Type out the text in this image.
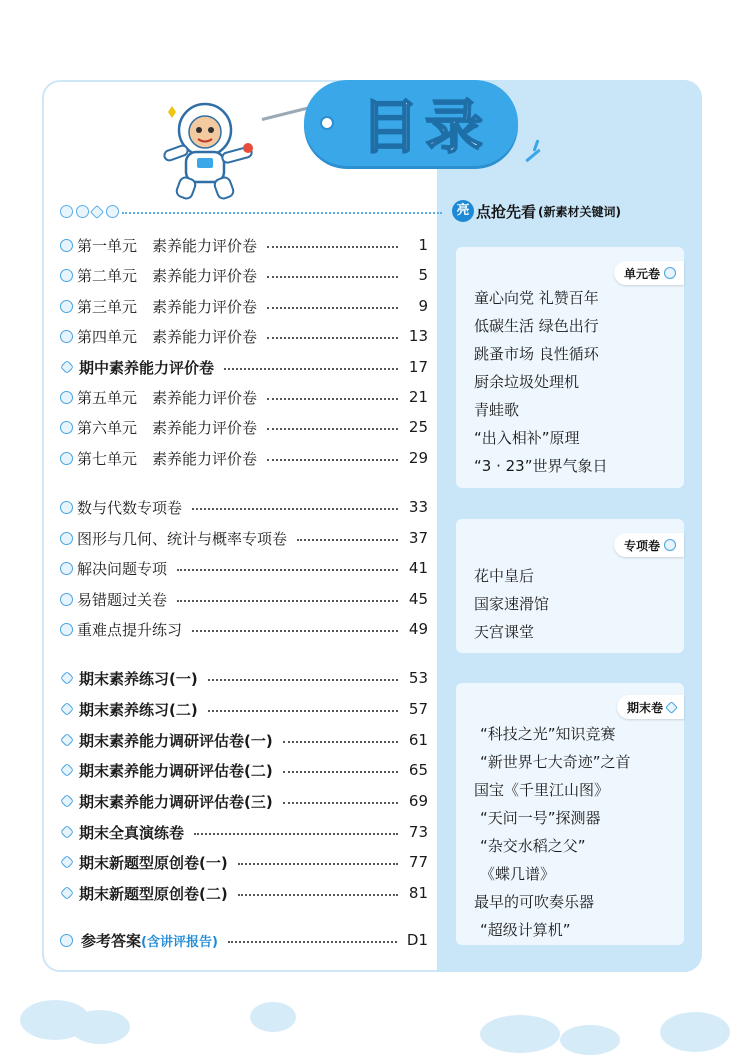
目录
亮 点抢先看 (新素材关键词)
第一单元　素养能力评价卷	1
第二单元　素养能力评价卷	5
第三单元　素养能力评价卷	9
第四单元　素养能力评价卷	13
期中素养能力评价卷	17
第五单元　素养能力评价卷	21
第六单元　素养能力评价卷	25
第七单元　素养能力评价卷	29
数与代数专项卷	33
图形与几何、统计与概率专项卷	37
解决问题专项	41
易错题过关卷	45
重难点提升练习	49
期末素养练习(一)	53
期末素养练习(二)	57
期末素养能力调研评估卷(一)	61
期末素养能力调研评估卷(二)	65
期末素养能力调研评估卷(三)	69
期末全真演练卷	73
期末新题型原创卷(一)	77
期末新题型原创卷(二)	81
参考答案(含讲评报告)	D1
单元卷
童心向党 礼赞百年
低碳生活 绿色出行
跳蚤市场 良性循环
厨余垃圾处理机
青蛙歌
“出入相补”原理
“3 · 23”世界气象日
专项卷
花中皇后
国家速滑馆
天宫课堂
期末卷
“科技之光”知识竞赛
“新世界七大奇迹”之首
国宝《千里江山图》
“天问一号”探测器
“杂交水稻之父”
《蝶几谱》
最早的可吹奏乐器
“超级计算机”
